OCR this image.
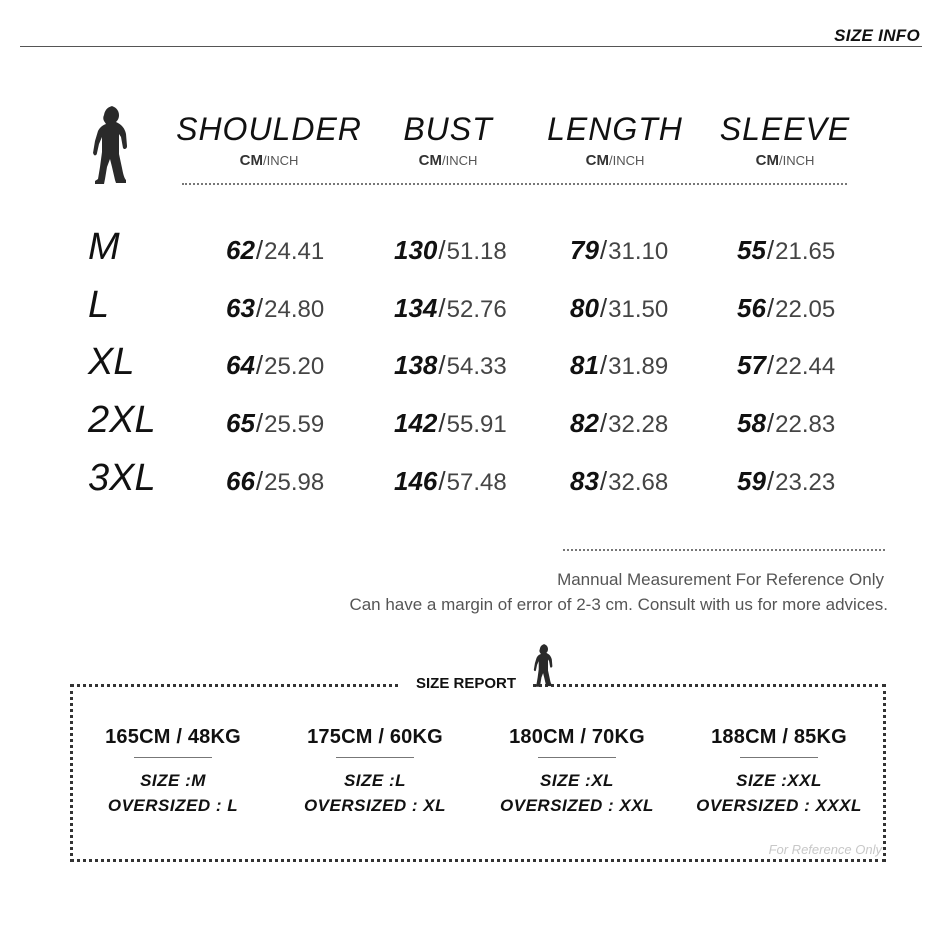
SIZE INFO
SHOULDER
CM/INCH
BUST
CM/INCH
LENGTH
CM/INCH
SLEEVE
CM/INCH
M	62/24.41	130/51.18 79/31.10	55/21.65
L	63/24.80	134/52.76 80/31.50	56/22.05
XL	64/25.20	138/54.33 81/31.89	57/22.44
2XL	65/25.59	142/55.91 82/32.28	58/22.83
3XL	66/25.98	146/57.48 83/32.68	59/23.23
Mannual Measurement For Reference Only
Can have a margin of error of 2-3 cm. Consult with us for more advices.
SIZE REPORT
165CM / 48KG
SIZE :M
OVERSIZED : L
175CM / 60KG
SIZE :L
OVERSIZED : XL
180CM / 70KG
SIZE :XL
OVERSIZED : XXL
188CM / 85KG
SIZE :XXL
OVERSIZED : XXXL
For Reference Only
